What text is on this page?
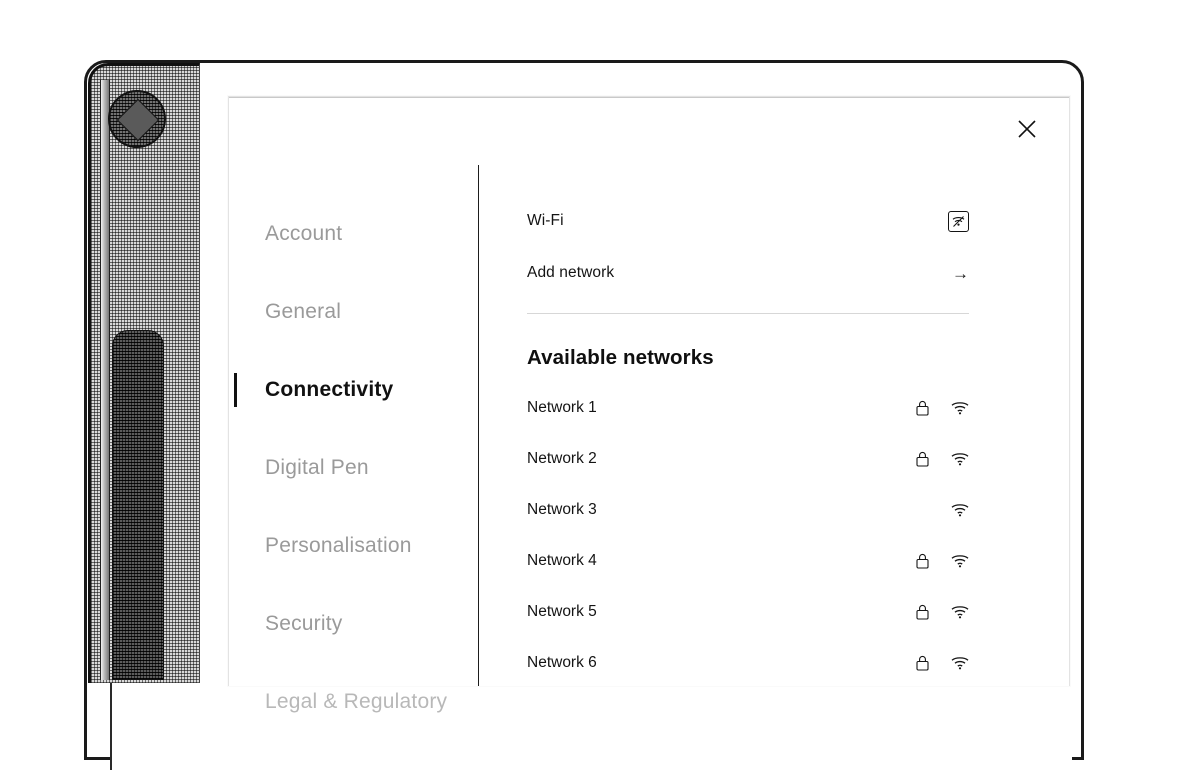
Account
General
Connectivity
Digital Pen
Personalisation
Security
Legal & Regulatory
Wi-Fi
Add network	→
Available networks
Network 1
Network 2
Network 3
Network 4
Network 5
Network 6
